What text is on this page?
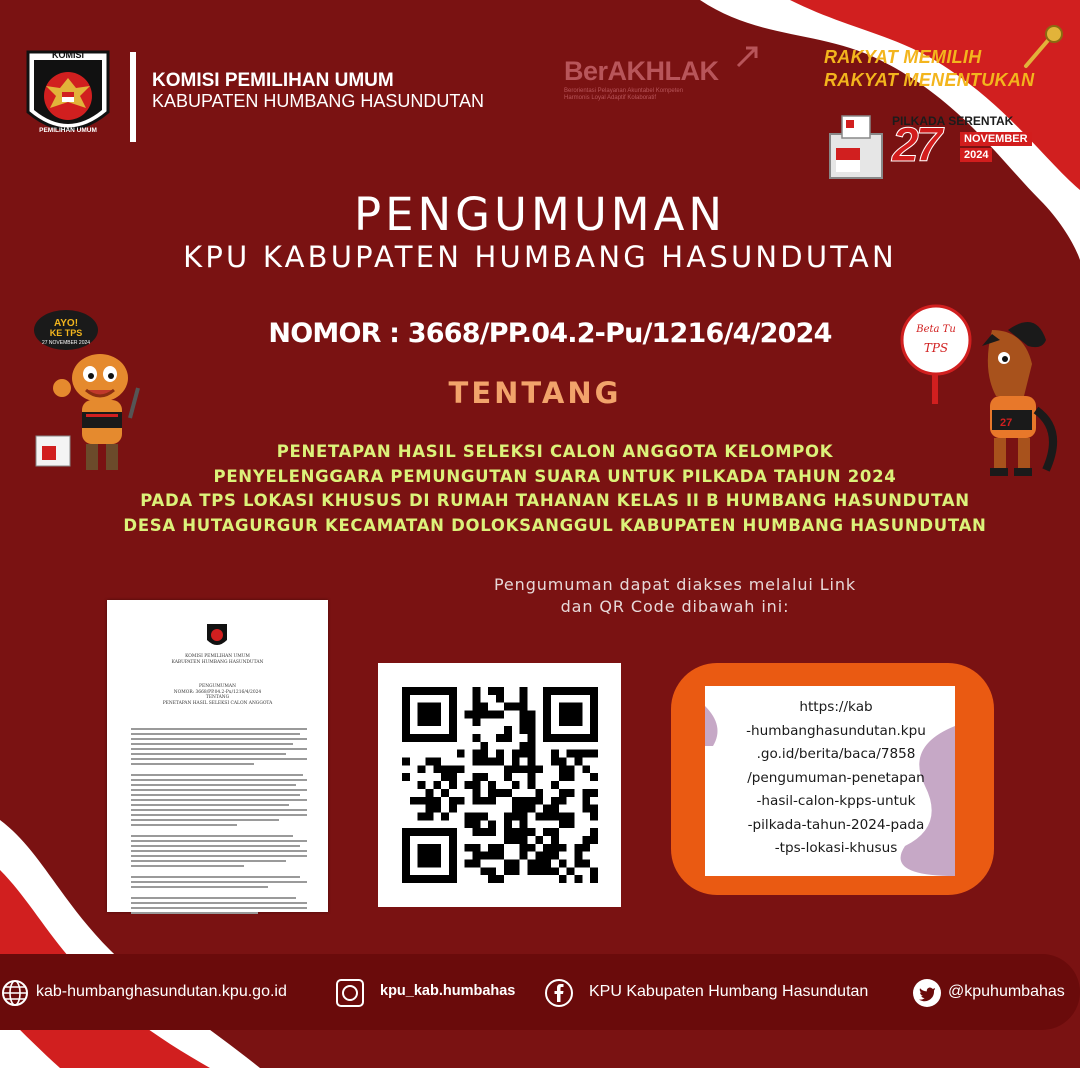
KOMISI
PEMILIHAN UMUM
KOMISI PEMILIHAN UMUM
KABUPATEN HUMBANG HASUNDUTAN
BerAKHLAK
Berorientasi Pelayanan Akuntabel Kompeten
Harmonis Loyal Adaptif Kolaboratif
RAKYAT MEMILIH
RAKYAT MENENTUKAN
PILKADA SERENTAK
27	NOVEMBER
2024
PENGUMUMAN
KPU KABUPATEN HUMBANG HASUNDUTAN
NOMOR : 3668/PP.04.2-Pu/1216/4/2024
TENTANG
PENETAPAN HASIL SELEKSI CALON ANGGOTA KELOMPOK
PENYELENGGARA PEMUNGUTAN SUARA UNTUK PILKADA TAHUN 2024
PADA TPS LOKASI KHUSUS DI RUMAH TAHANAN KELAS II B HUMBANG HASUNDUTAN
DESA HUTAGURGUR KECAMATAN DOLOKSANGGUL KABUPATEN HUMBANG HASUNDUTAN
AYO!
KE TPS
27 NOVEMBER 2024
Beta Tu
TPS
27
Pengumuman dapat diakses melalui Link
dan QR Code dibawah ini:
KOMISI PEMILIHAN UMUM
KABUPATEN HUMBANG HASUNDUTAN
PENGUMUMAN
NOMOR: 3668/PP.04.2-Pu/1216/4/2024
TENTANG
PENETAPAN HASIL SELEKSI CALON ANGGOTA	https://kab
-humbanghasundutan.kpu
.go.id/berita/baca/7858
/pengumuman-penetapan
-hasil-calon-kpps-untuk
-pilkada-tahun-2024-pada
-tps-lokasi-khusus
kab-humbanghasundutan.kpu.go.id	kpu_kab.humbahas	KPU Kabupaten Humbang Hasundutan	@kpuhumbahas
